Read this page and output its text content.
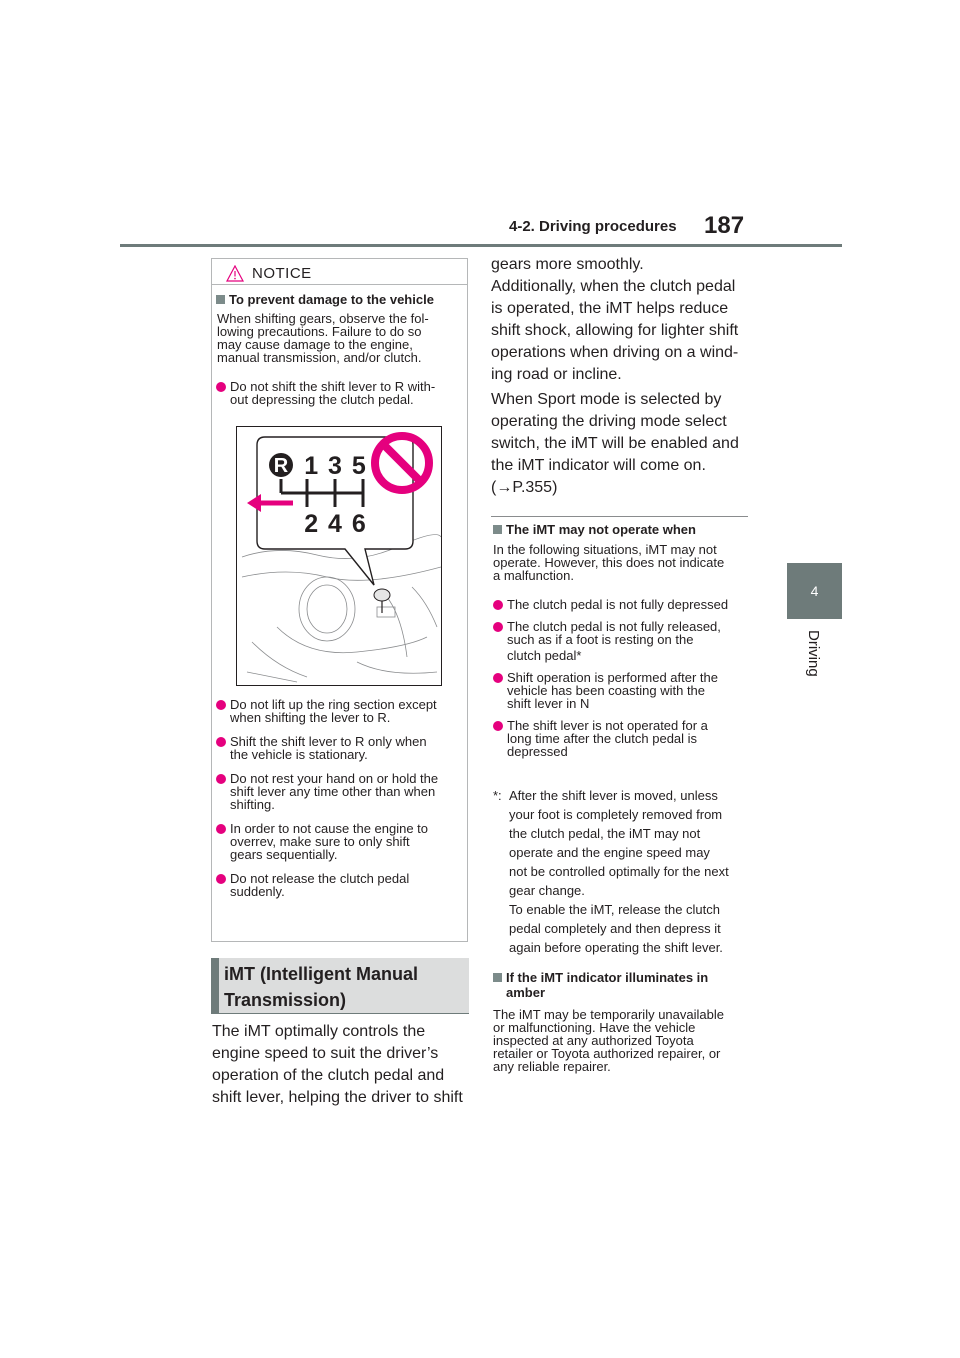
4-2. Driving procedures 187
4
Driving
NOTICE
To prevent damage to the vehicle
When shifting gears, observe the fol-
lowing precautions. Failure to do so
may cause damage to the engine,
manual transmission, and/or clutch.
Do not shift the shift lever to R with-
out depressing the clutch pedal.
R 1 3 5
2 4 6
Do not lift up the ring section except
when shifting the lever to R.
Shift the shift lever to R only when
the vehicle is stationary.
Do not rest your hand on or hold the
shift lever any time other than when
shifting.
In order to not cause the engine to
overrev, make sure to only shift
gears sequentially.
Do not release the clutch pedal
suddenly.
iMT (Intelligent Manual
Transmission)
The iMT optimally controls the
engine speed to suit the driver’s
operation of the clutch pedal and
shift lever, helping the driver to shift
gears more smoothly.
Additionally, when the clutch pedal
is operated, the iMT helps reduce
shift shock, allowing for lighter shift
operations when driving on a wind-
ing road or incline.
When Sport mode is selected by
operating the driving mode select
switch, the iMT will be enabled and
the iMT indicator will come on.
(→P.355)
The iMT may not operate when
In the following situations, iMT may not
operate. However, this does not indicate
a malfunction.
The clutch pedal is not fully depressed
The clutch pedal is not fully released,
such as if a foot is resting on the
clutch pedal*
Shift operation is performed after the
vehicle has been coasting with the
shift lever in N
The shift lever is not operated for a
long time after the clutch pedal is
depressed
*: After the shift lever is moved, unless
your foot is completely removed from
the clutch pedal, the iMT may not
operate and the engine speed may
not be controlled optimally for the next
gear change.
To enable the iMT, release the clutch
pedal completely and then depress it
again before operating the shift lever.
If the iMT indicator illuminates in
amber
The iMT may be temporarily unavailable
or malfunctioning. Have the vehicle
inspected at any authorized Toyota
retailer or Toyota authorized repairer, or
any reliable repairer.
